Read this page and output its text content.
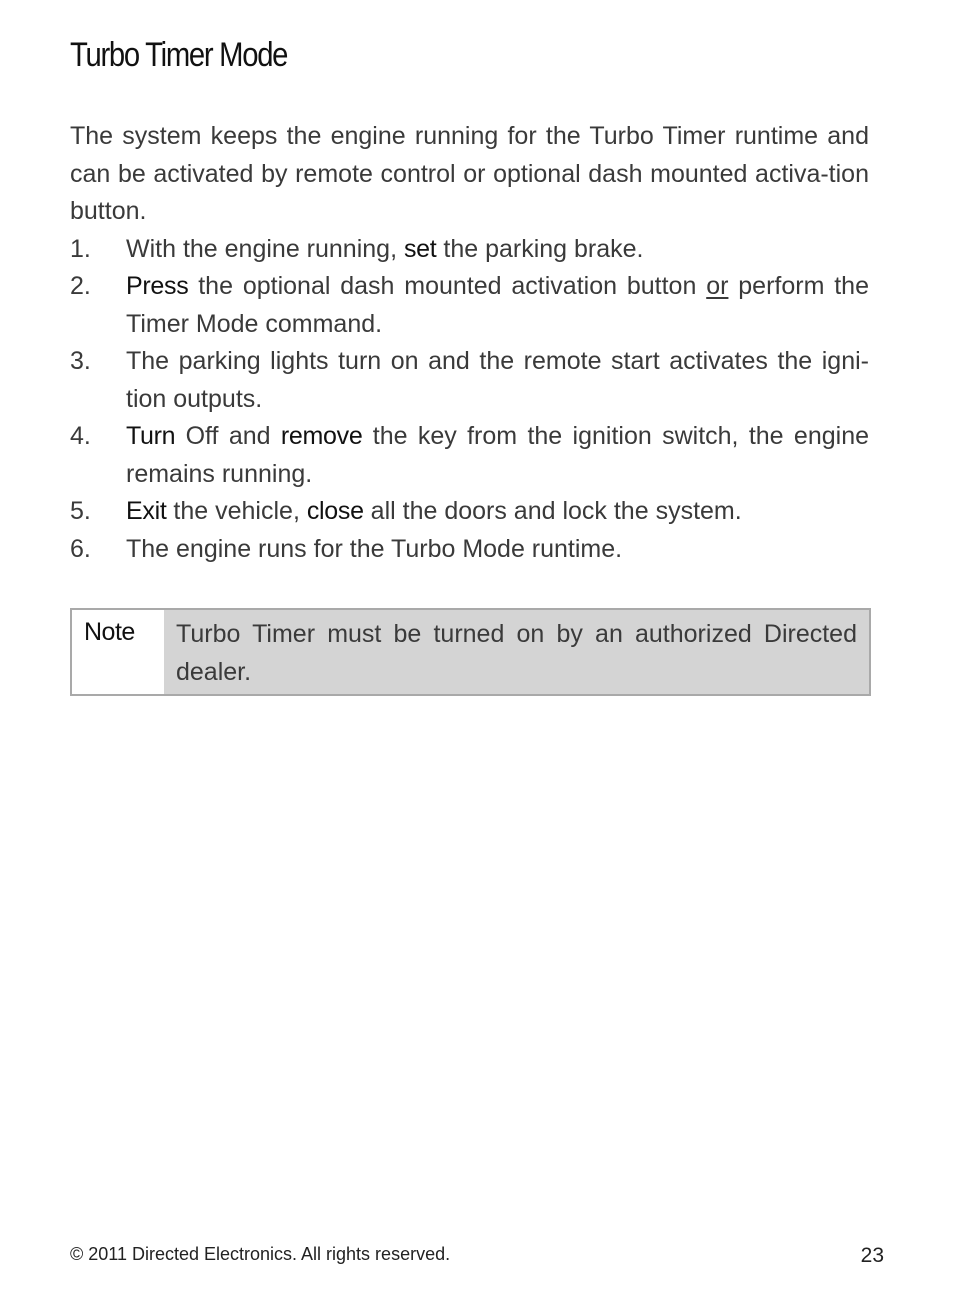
Turbo Timer Mode

The system keeps the engine running for the Turbo Timer runtime and can be activated by remote control or optional dash mounted activa-tion button.

1.	With the engine running, set the parking brake.
2.	Press the optional dash mounted activation button or perform the Timer Mode command.
3.	The parking lights turn on and the remote start activates the igni-tion outputs.
4.	Turn Off and remove the key from the ignition switch, the engine remains running.
5.	Exit the vehicle, close all the doors and lock the system.
6.	The engine runs for the Turbo Mode runtime.
Note	Turbo Timer must be turned on by an authorized Directed dealer.
© 2011 Directed Electronics. All rights reserved.	23
